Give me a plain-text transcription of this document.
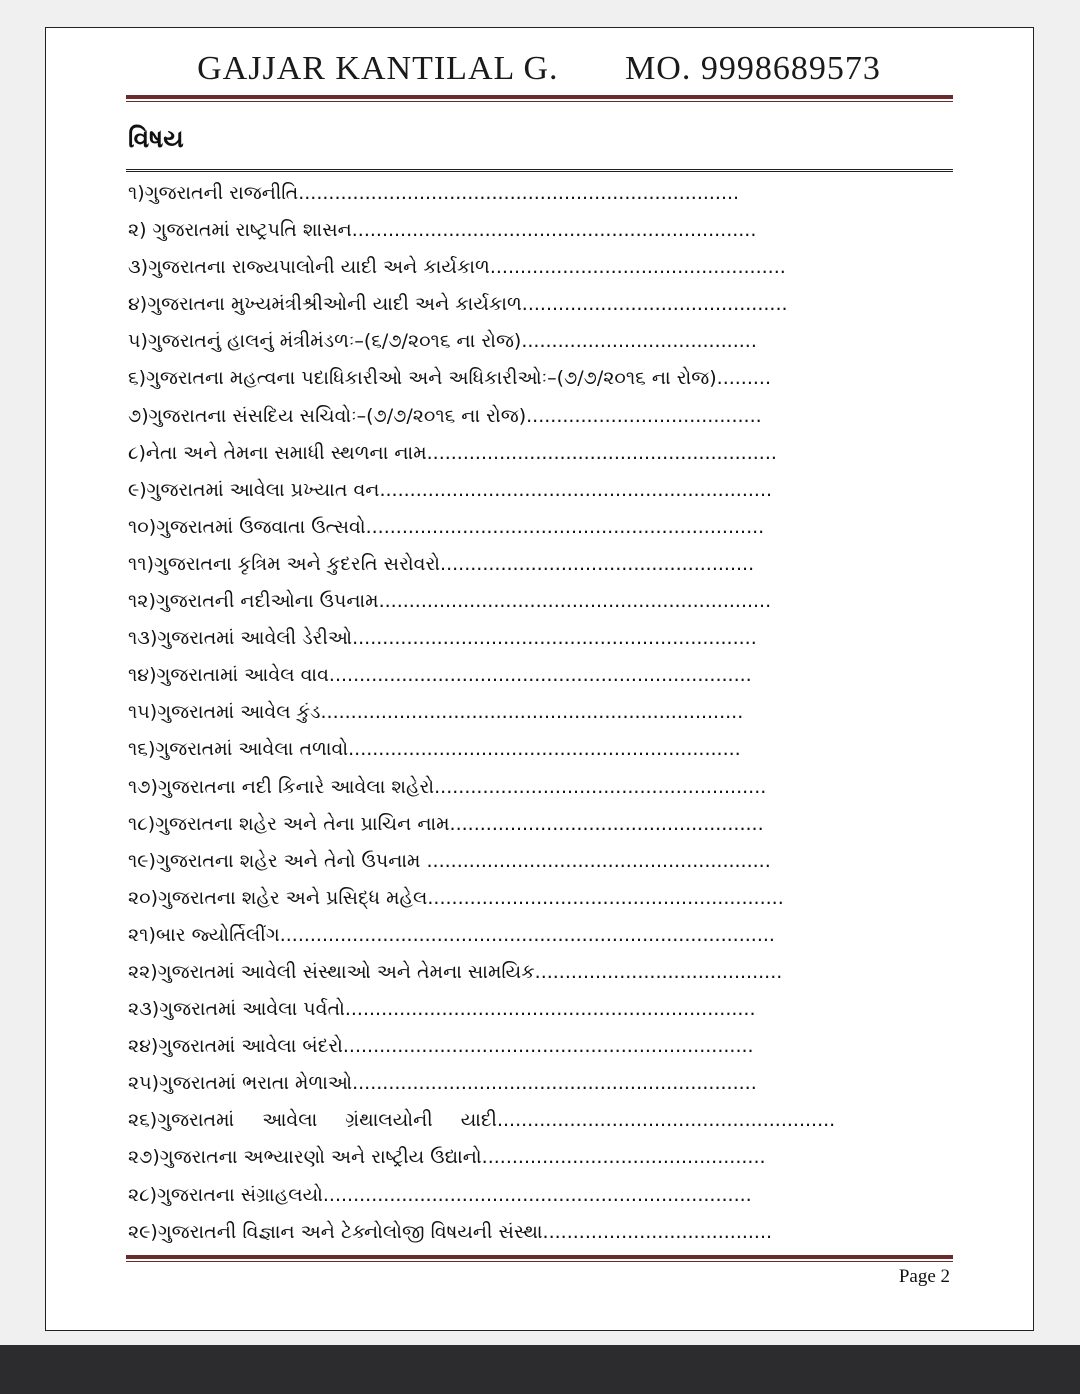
GAJJAR KANTILAL G. MO. 9998689573
વિષય
૧)ગુજરાતની રાજનીતિ.........................................................................
૨) ગુજરાતમાં રાષ્ટ્રપતિ શાસન...................................................................
૩)ગુજરાતના રાજ્યપાલોની યાદી અને કાર્યકાળ.................................................
૪)ગુજરાતના મુખ્યમંત્રીશ્રીઓની યાદી અને કાર્યકાળ............................................
૫)ગુજરાતનું હાલનું મંત્રીમંડળઃ–(૬/૭/૨૦૧૬ ના રોજ).......................................
૬)ગુજરાતના મહત્વના પદાધિકારીઓ અને અધિકારીઓઃ–(૭/૭/૨૦૧૬ ના રોજ).........
૭)ગુજરાતના સંસદિય સચિવોઃ–(૭/૭/૨૦૧૬ ના રોજ).......................................
૮)નેતા અને તેમના સમાધી સ્થળના નામ..........................................................
૯)ગુજરાતમાં આવેલા પ્રખ્યાત વન.................................................................
૧૦)ગુજરાતમાં ઉજવાતા ઉત્સવો..................................................................
૧૧)ગુજરાતના કૃત્રિમ અને કુદરતિ સરોવરો....................................................
૧૨)ગુજરાતની નદીઓના ઉપનામ.................................................................
૧૩)ગુજરાતમાં આવેલી ડેરીઓ...................................................................
૧૪)ગુજરાતામાં આવેલ વાવ......................................................................
૧૫)ગુજરાતમાં આવેલ કુંડ......................................................................
૧૬)ગુજરાતમાં આવેલા તળાવો.................................................................
૧૭)ગુજરાતના નદી કિનારે આવેલા શહેરો.......................................................
૧૮)ગુજરાતના શહેર અને તેના પ્રાચિન નામ....................................................
૧૯)ગુજરાતના શહેર અને તેનો ઉપનામ .........................................................
૨૦)ગુજરાતના શહેર અને પ્રસિદ્ધ મહેલ...........................................................
૨૧)બાર જ્યોર્તિલીંગ..................................................................................
૨૨)ગુજરાતમાં આવેલી સંસ્થાઓ અને તેમના સામયિક.........................................
૨૩)ગુજરાતમાં આવેલા પર્વતો....................................................................
૨૪)ગુજરાતમાં આવેલા બંદરો....................................................................
૨૫)ગુજરાતમાં ભરાતા મેળાઓ...................................................................
૨૬)ગુજરાતમાં આવેલા ગ્રંથાલયોની યાદી........................................................
૨૭)ગુજરાતના અભ્યારણો અને રાષ્ટ્રીય ઉદ્યાનો...............................................
૨૮)ગુજરાતના સંગ્રાહલયો.......................................................................
૨૯)ગુજરાતની વિજ્ઞાન અને ટેક્નોલોજી વિષયની સંસ્થા......................................
Page 2
